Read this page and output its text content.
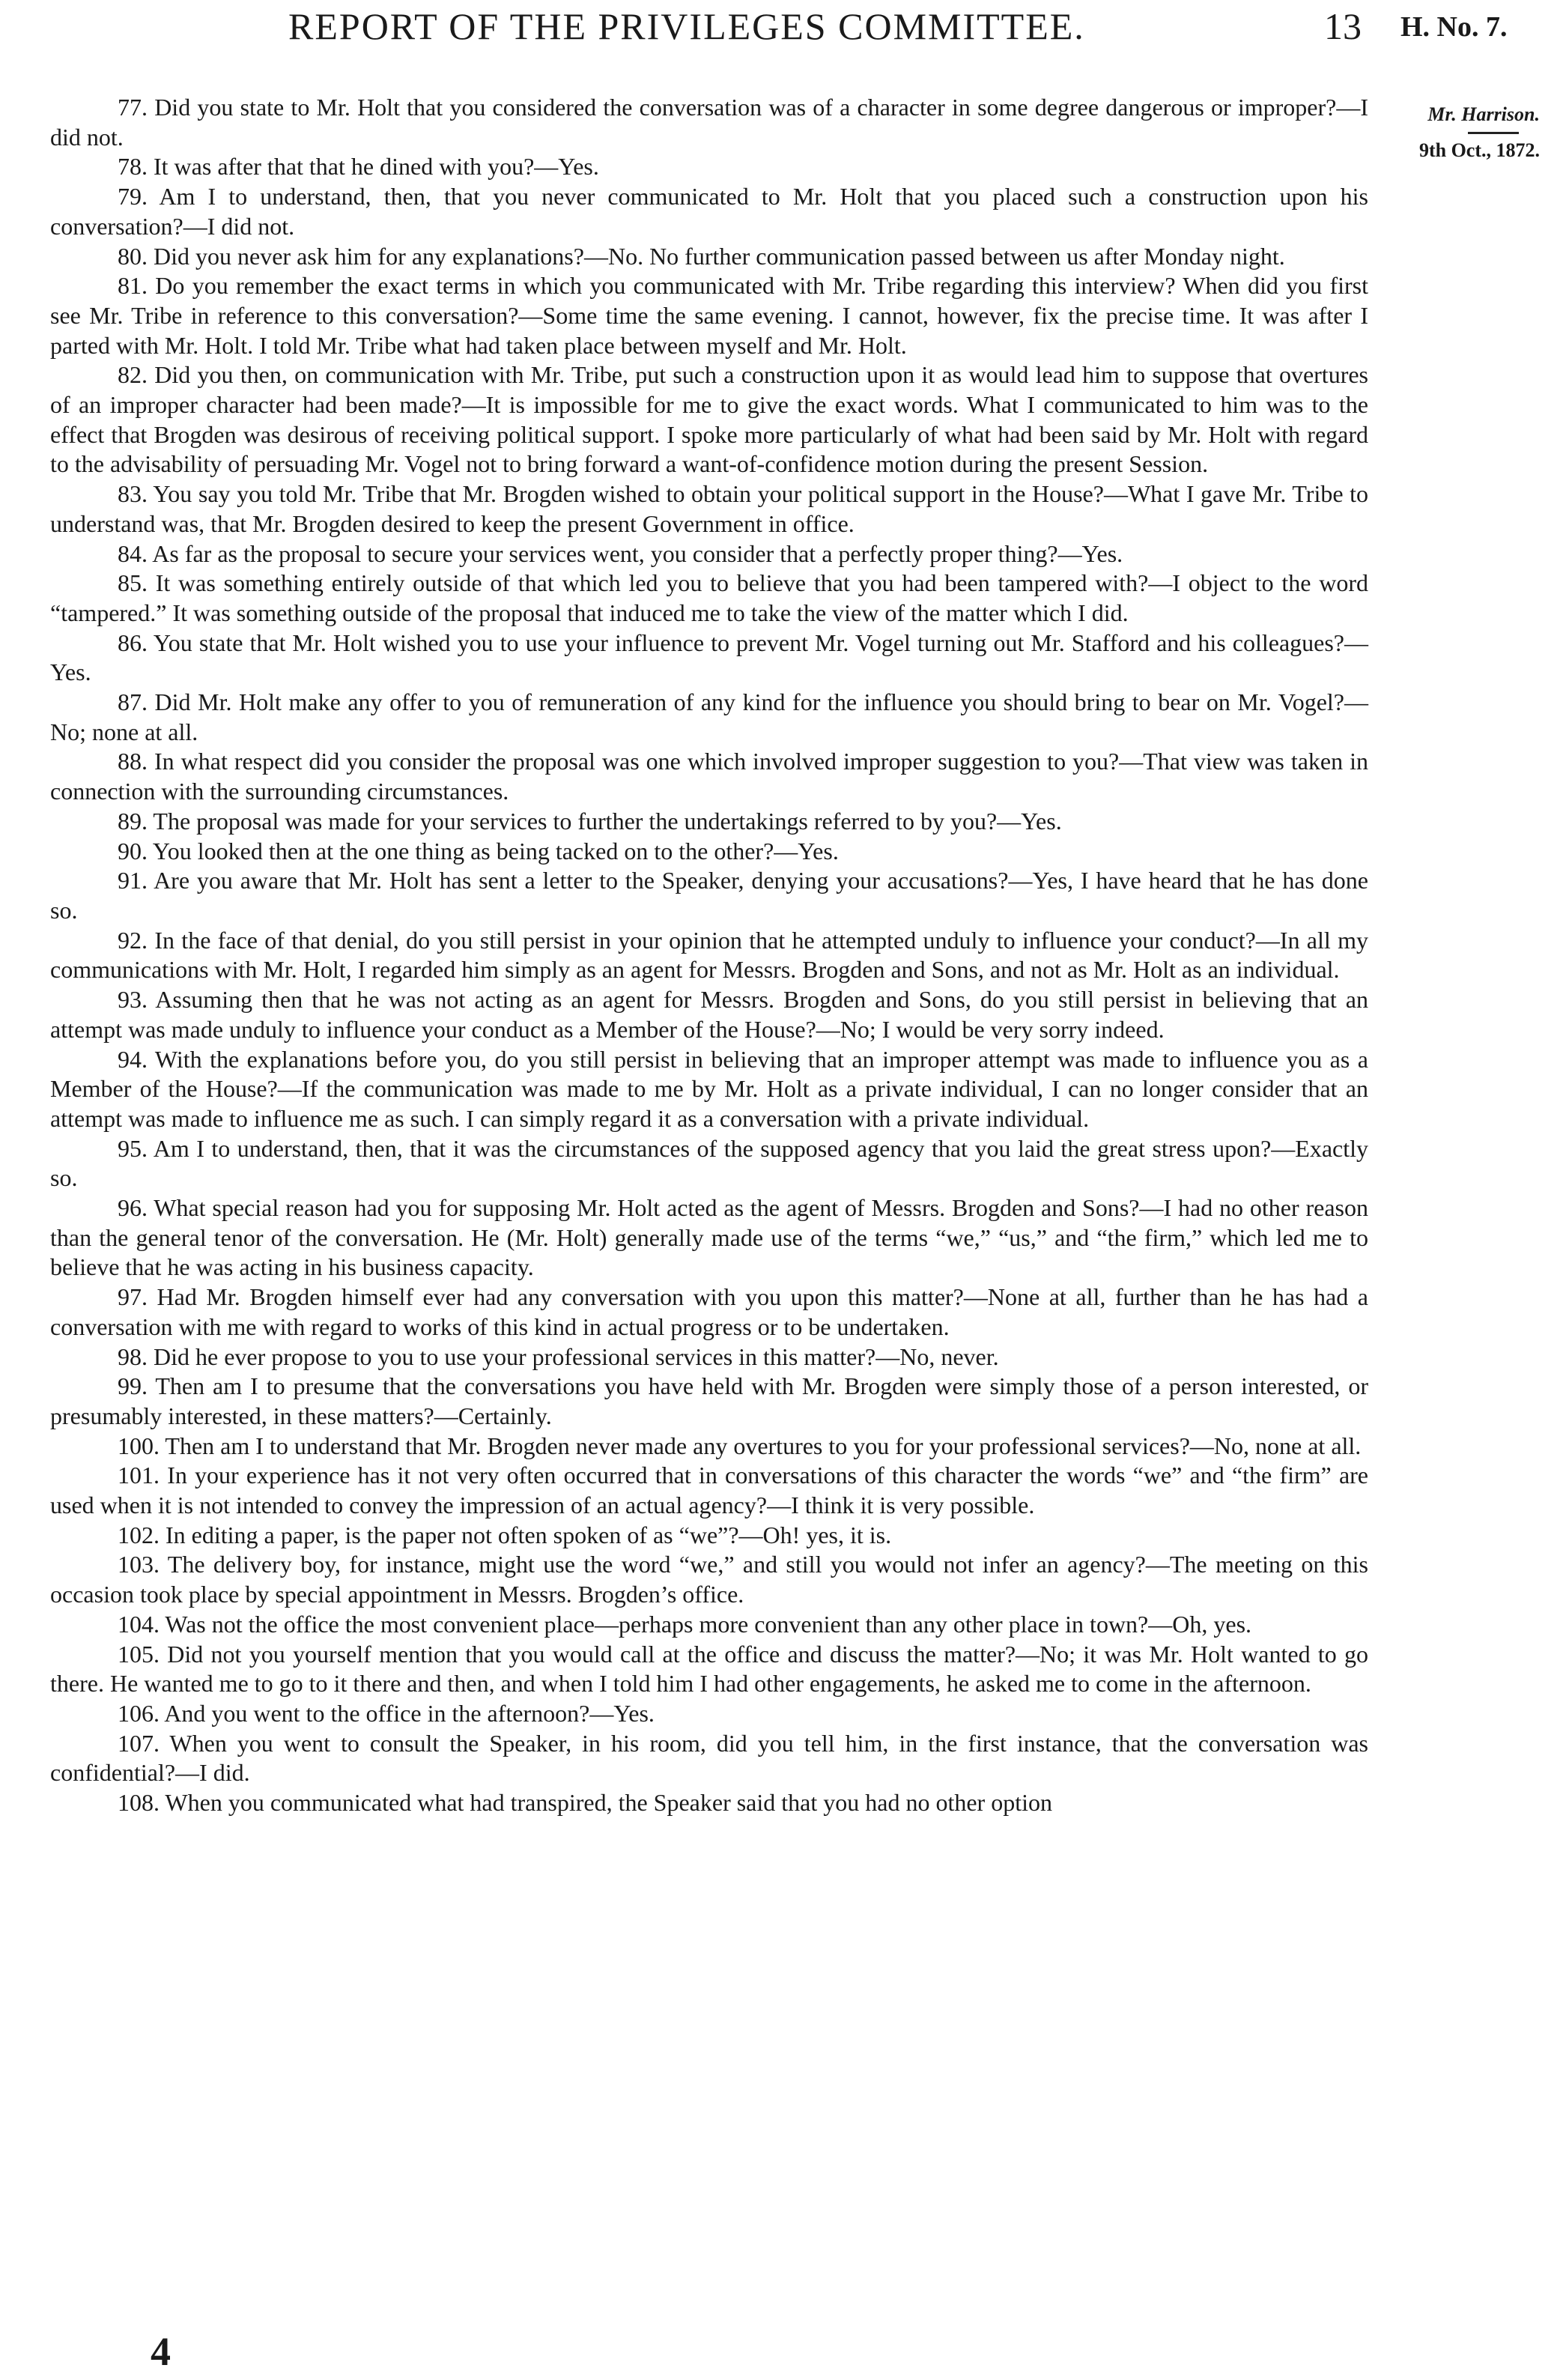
REPORT OF THE PRIVILEGES COMMITTEE.	13 H. No. 7.
Mr. Harrison.
9th Oct., 1872.

77. Did you state to Mr. Holt that you considered the conversation was of a character in some degree dangerous or improper?—I did not.

78. It was after that that he dined with you?—Yes.

79. Am I to understand, then, that you never communicated to Mr. Holt that you placed such a construction upon his conversation?—I did not.

80. Did you never ask him for any explanations?—No. No further communication passed between us after Monday night.

81. Do you remember the exact terms in which you communicated with Mr. Tribe regarding this interview? When did you first see Mr. Tribe in reference to this conversation?—Some time the same evening. I cannot, however, fix the precise time. It was after I parted with Mr. Holt. I told Mr. Tribe what had taken place between myself and Mr. Holt.

82. Did you then, on communication with Mr. Tribe, put such a construction upon it as would lead him to suppose that overtures of an improper character had been made?—It is impossible for me to give the exact words. What I communicated to him was to the effect that Brogden was desirous of receiving political support. I spoke more particularly of what had been said by Mr. Holt with regard to the advisability of persuading Mr. Vogel not to bring forward a want-of-confidence motion during the present Session.

83. You say you told Mr. Tribe that Mr. Brogden wished to obtain your political support in the House?—What I gave Mr. Tribe to understand was, that Mr. Brogden desired to keep the present Government in office.

84. As far as the proposal to secure your services went, you consider that a perfectly proper thing?—Yes.

85. It was something entirely outside of that which led you to believe that you had been tampered with?—I object to the word “tampered.” It was something outside of the proposal that induced me to take the view of the matter which I did.

86. You state that Mr. Holt wished you to use your influence to prevent Mr. Vogel turning out Mr. Stafford and his colleagues?—Yes.

87. Did Mr. Holt make any offer to you of remuneration of any kind for the influence you should bring to bear on Mr. Vogel?—No; none at all.

88. In what respect did you consider the proposal was one which involved improper suggestion to you?—That view was taken in connection with the surrounding circumstances.

89. The proposal was made for your services to further the undertakings referred to by you?—Yes.

90. You looked then at the one thing as being tacked on to the other?—Yes.

91. Are you aware that Mr. Holt has sent a letter to the Speaker, denying your accusations?—Yes, I have heard that he has done so.

92. In the face of that denial, do you still persist in your opinion that he attempted unduly to influence your conduct?—In all my communications with Mr. Holt, I regarded him simply as an agent for Messrs. Brogden and Sons, and not as Mr. Holt as an individual.

93. Assuming then that he was not acting as an agent for Messrs. Brogden and Sons, do you still persist in believing that an attempt was made unduly to influence your conduct as a Member of the House?—No; I would be very sorry indeed.

94. With the explanations before you, do you still persist in believing that an improper attempt was made to influence you as a Member of the House?—If the communication was made to me by Mr. Holt as a private individual, I can no longer consider that an attempt was made to influence me as such. I can simply regard it as a conversation with a private individual.

95. Am I to understand, then, that it was the circumstances of the supposed agency that you laid the great stress upon?—Exactly so.

96. What special reason had you for supposing Mr. Holt acted as the agent of Messrs. Brogden and Sons?—I had no other reason than the general tenor of the conversation. He (Mr. Holt) generally made use of the terms “we,” “us,” and “the firm,” which led me to believe that he was acting in his business capacity.

97. Had Mr. Brogden himself ever had any conversation with you upon this matter?—None at all, further than he has had a conversation with me with regard to works of this kind in actual progress or to be undertaken.

98. Did he ever propose to you to use your professional services in this matter?—No, never.

99. Then am I to presume that the conversations you have held with Mr. Brogden were simply those of a person interested, or presumably interested, in these matters?—Certainly.

100. Then am I to understand that Mr. Brogden never made any overtures to you for your professional services?—No, none at all.

101. In your experience has it not very often occurred that in conversations of this character the words “we” and “the firm” are used when it is not intended to convey the impression of an actual agency?—I think it is very possible.

102. In editing a paper, is the paper not often spoken of as “we”?—Oh! yes, it is.

103. The delivery boy, for instance, might use the word “we,” and still you would not infer an agency?—The meeting on this occasion took place by special appointment in Messrs. Brogden’s office.

104. Was not the office the most convenient place—perhaps more convenient than any other place in town?—Oh, yes.

105. Did not you yourself mention that you would call at the office and discuss the matter?—No; it was Mr. Holt wanted to go there. He wanted me to go to it there and then, and when I told him I had other engagements, he asked me to come in the afternoon.

106. And you went to the office in the afternoon?—Yes.

107. When you went to consult the Speaker, in his room, did you tell him, in the first instance, that the conversation was confidential?—I did.

108. When you communicated what had transpired, the Speaker said that you had no other option

4
